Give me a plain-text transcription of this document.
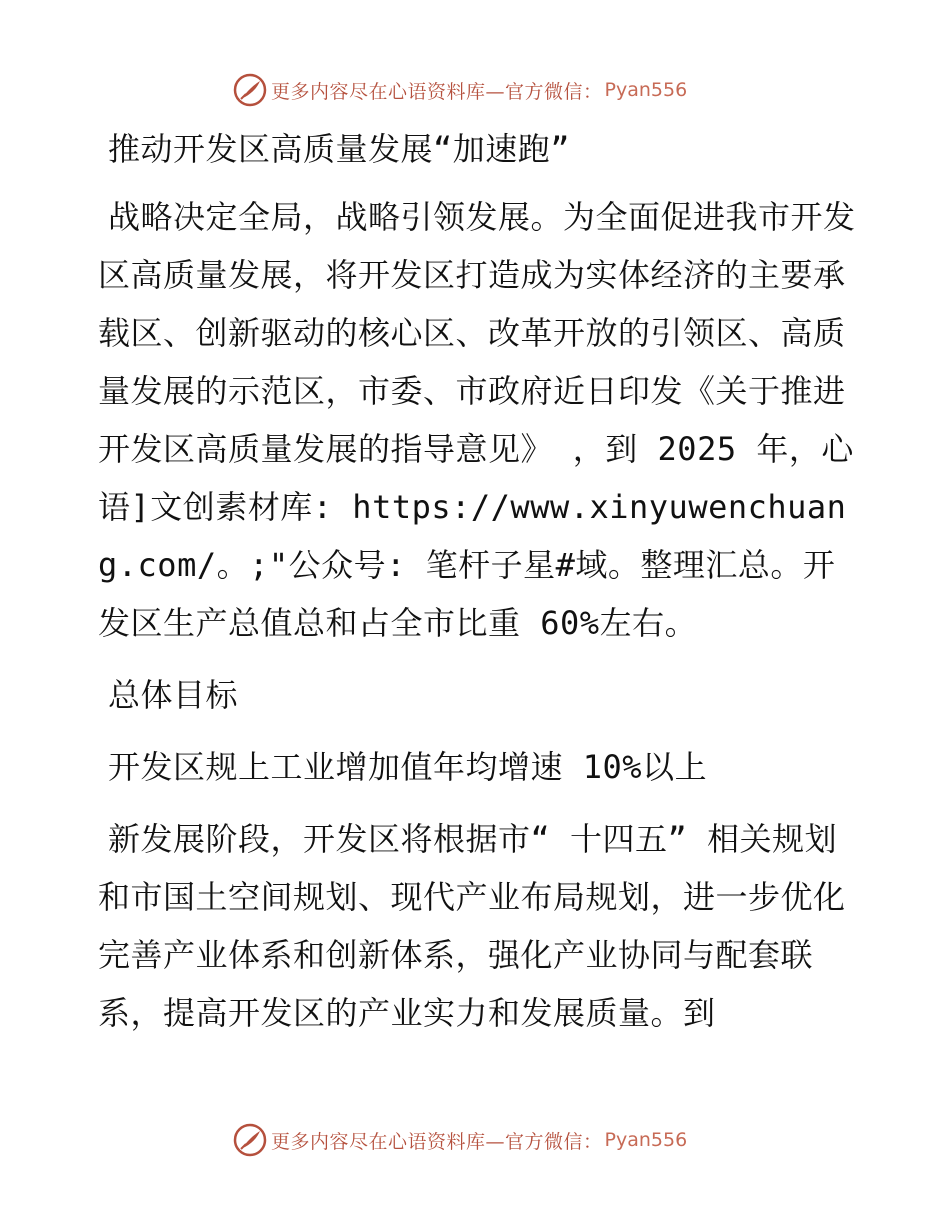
更多内容尽在心语资料库—官方微信： Pyan556

推动开发区高质量发展“加速跑”

战略决定全局，战略引领发展。为全面促进我市开发区高质量发展，将开发区打造成为实体经济的主要承载区、创新驱动的核心区、改革开放的引领区、高质量发展的示范区，市委、市政府近日印发《关于推进开发区高质量发展的指导意见》 ，到 2025 年，心语]文创素材库: https://www.xinyuwenchuang.com/。;"公众号: 笔杆子星#域。整理汇总。开发区生产总值总和占全市比重 60%左右。

总体目标

开发区规上工业增加值年均增速 10%以上

新发展阶段，开发区将根据市“ 十四五” 相关规划和市国土空间规划、现代产业布局规划，进一步优化完善产业体系和创新体系，强化产业协同与配套联系，提高开发区的产业实力和发展质量。到

更多内容尽在心语资料库—官方微信： Pyan556
